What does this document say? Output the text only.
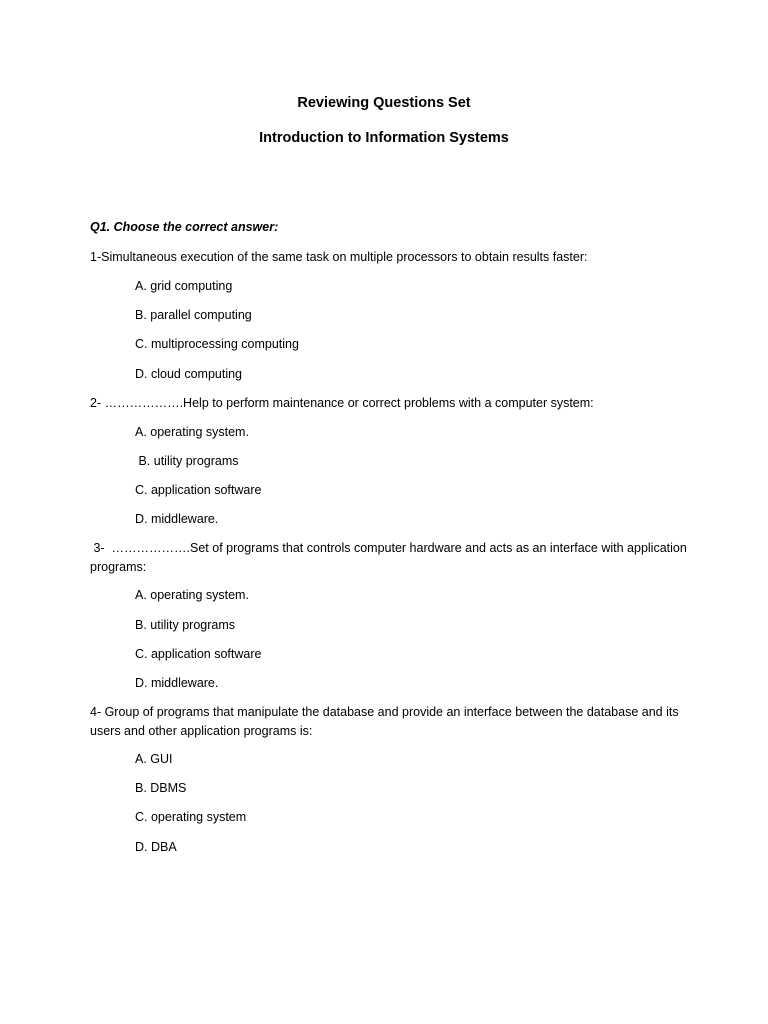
Reviewing Questions Set
Introduction to Information Systems
Q1. Choose the correct answer:
1-Simultaneous execution of the same task on multiple processors to obtain results faster:
A. grid computing
B. parallel computing
C. multiprocessing computing
D. cloud computing
2- ……………….Help to perform maintenance or correct problems with a computer system:
A. operating system.
B. utility programs
C. application software
D. middleware.
3-  ……………….Set of programs that controls computer hardware and acts as an interface with application programs:
A. operating system.
B. utility programs
C. application software
D. middleware.
4- Group of programs that manipulate the database and provide an interface between the database and its users and other application programs is:
A. GUI
B. DBMS
C. operating system
D. DBA
